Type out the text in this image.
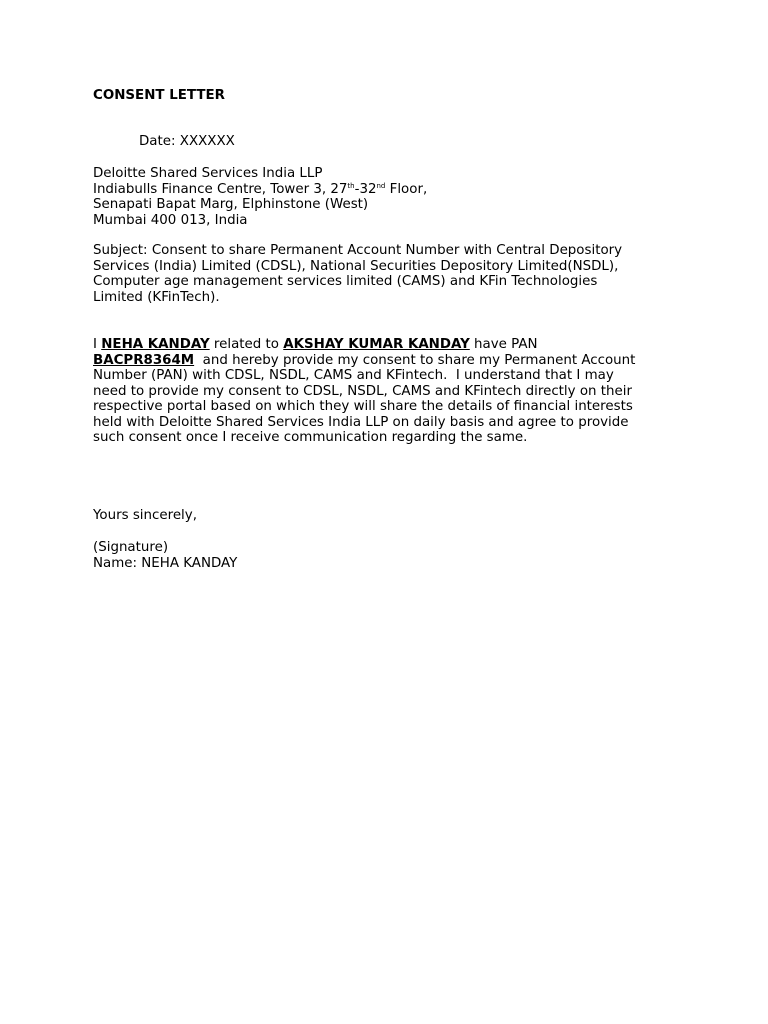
CONSENT LETTER
Date: XXXXXX
Deloitte Shared Services India LLP
Indiabulls Finance Centre, Tower 3, 27th-32nd Floor,
Senapati Bapat Marg, Elphinstone (West)
Mumbai 400 013, India
Subject: Consent to share Permanent Account Number with Central Depository
Services (India) Limited (CDSL), National Securities Depository Limited(NSDL),
Computer age management services limited (CAMS) and KFin Technologies
Limited (KFinTech).
I NEHA KANDAY related to AKSHAY KUMAR KANDAY have PAN
BACPR8364M  and hereby provide my consent to share my Permanent Account
Number (PAN) with CDSL, NSDL, CAMS and KFintech.  I understand that I may
need to provide my consent to CDSL, NSDL, CAMS and KFintech directly on their
respective portal based on which they will share the details of financial interests
held with Deloitte Shared Services India LLP on daily basis and agree to provide
such consent once I receive communication regarding the same.
Yours sincerely,
(Signature)
Name: NEHA KANDAY
